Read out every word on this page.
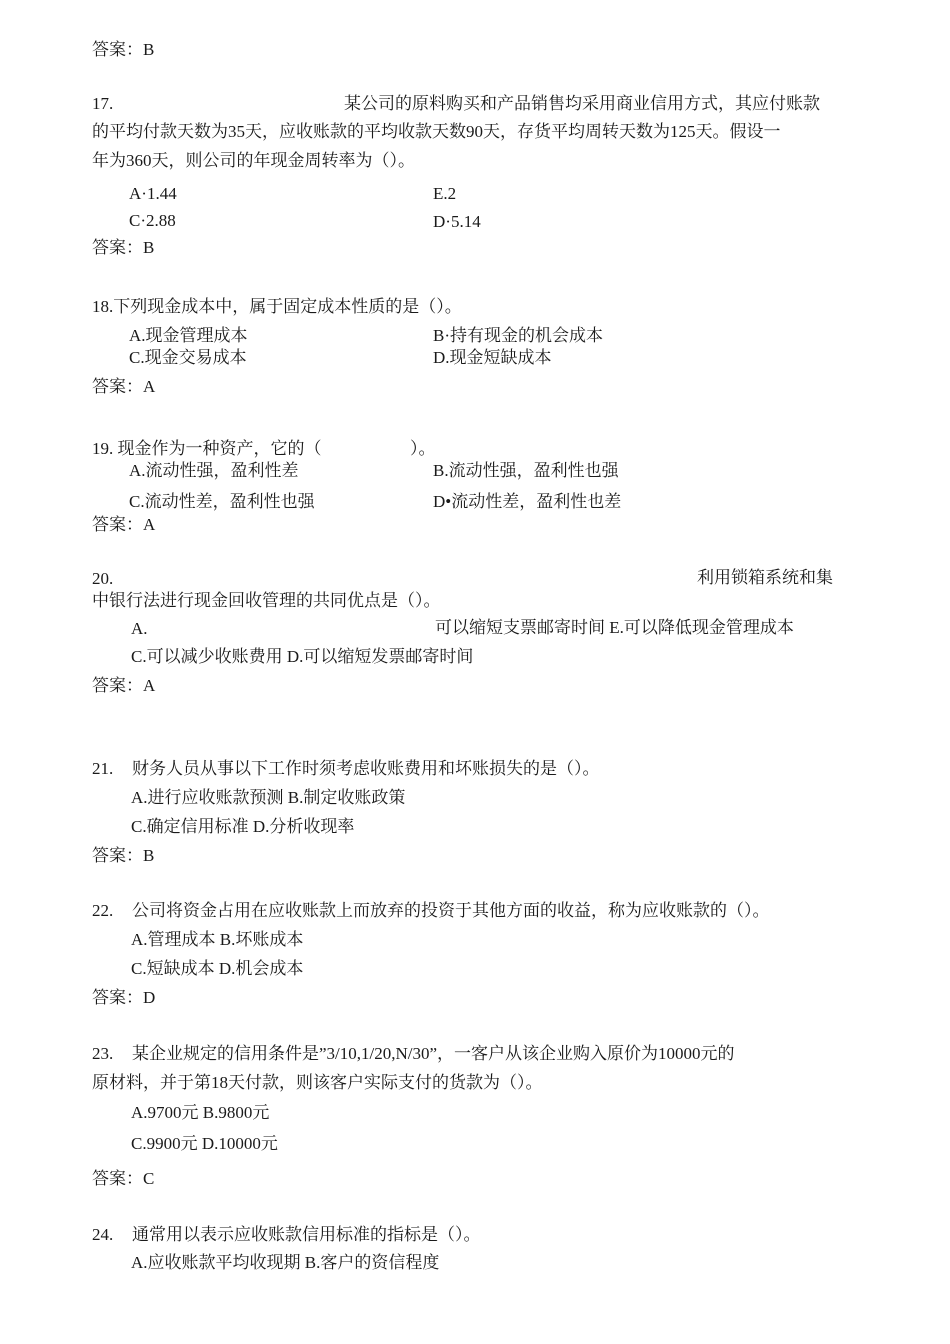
答案：B
17.	某公司的原料购买和产品销售均采用商业信用方式，其应付账款
的平均付款天数为35天，应收账款的平均收款天数90天，存货平均周转天数为125天。假设一
年为360天，则公司的年现金周转率为（）。
A·1.44	E.2
C·2.88	D·5.14
答案：B
18.下列现金成本中，属于固定成本性质的是（）。
A.现金管理成本	B·持有现金的机会成本
C.现金交易成本	D.现金短缺成本
答案：A
19. 现金作为一种资产，它的（	）。
A.流动性强，盈利性差	B.流动性强，盈利性也强
C.流动性差，盈利性也强	D•流动性差，盈利性也差
答案：A
20.	利用锁箱系统和集
中银行法进行现金回收管理的共同优点是（）。
A.	可以缩短支票邮寄时间 E.可以降低现金管理成本
C.可以减少收账费用 D.可以缩短发票邮寄时间
答案：A
21. 财务人员从事以下工作时须考虑收账费用和坏账损失的是（）。
A.进行应收账款预测 B.制定收账政策
C.确定信用标准 D.分析收现率
答案：B
22. 公司将资金占用在应收账款上而放弃的投资于其他方面的收益，称为应收账款的（）。
A.管理成本 B.坏账成本
C.短缺成本 D.机会成本
答案：D
23. 某企业规定的信用条件是”3/10,1/20,N/30”，一客户从该企业购入原价为10000元的
原材料，并于第18天付款，则该客户实际支付的货款为（）。
A.9700元 B.9800元
C.9900元 D.10000元
答案：C
24. 通常用以表示应收账款信用标准的指标是（）。
A.应收账款平均收现期 B.客户的资信程度
